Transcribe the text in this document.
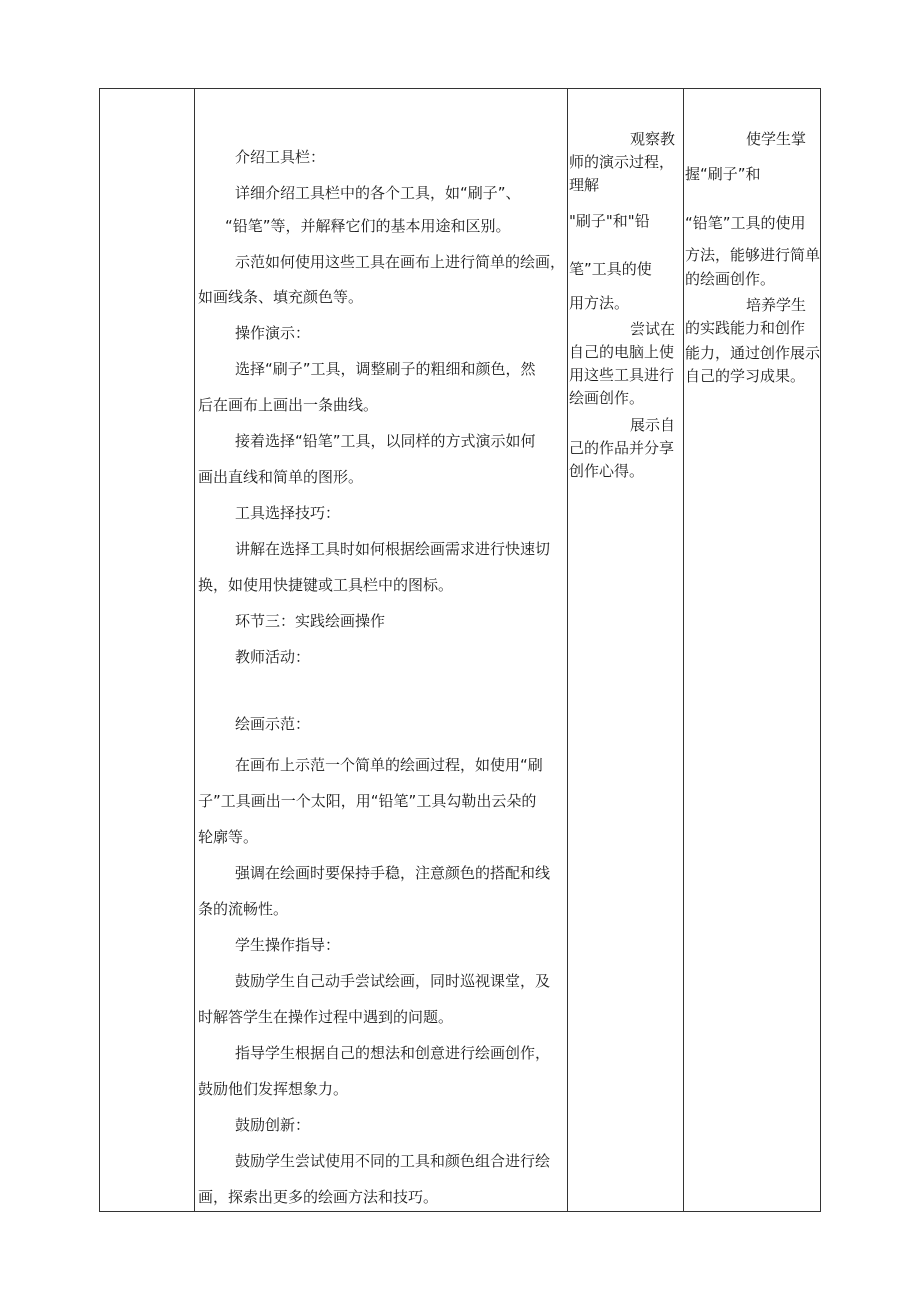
介绍工具栏：
详细介绍工具栏中的各个工具，如“刷子”、
“铅笔”等，并解释它们的基本用途和区别。
示范如何使用这些工具在画布上进行简单的绘画，
如画线条、填充颜色等。
操作演示：
选择“刷子”工具，调整刷子的粗细和颜色，然
后在画布上画出一条曲线。
接着选择“铅笔”工具，以同样的方式演示如何
画出直线和简单的图形。
工具选择技巧：
讲解在选择工具时如何根据绘画需求进行快速切
换，如使用快捷键或工具栏中的图标。
环节三：实践绘画操作
教师活动：
绘画示范：
在画布上示范一个简单的绘画过程，如使用“刷
子”工具画出一个太阳，用“铅笔”工具勾勒出云朵的
轮廓等。
强调在绘画时要保持手稳，注意颜色的搭配和线
条的流畅性。
学生操作指导：
鼓励学生自己动手尝试绘画，同时巡视课堂，及
时解答学生在操作过程中遇到的问题。
指导学生根据自己的想法和创意进行绘画创作，
鼓励他们发挥想象力。
鼓励创新：
鼓励学生尝试使用不同的工具和颜色组合进行绘
画，探索出更多的绘画方法和技巧。
观察教
师的演示过程，
理解
"刷子"和"铅
笔”工具的使
用方法。
尝试在
自己的电脑上使
用这些工具进行
绘画创作。
展示自
己的作品并分享
创作心得。
使学生掌
握“刷子”和
“铅笔”工具的使用
方法，能够进行简单
的绘画创作。
培养学生
的实践能力和创作
能力，通过创作展示
自己的学习成果。
